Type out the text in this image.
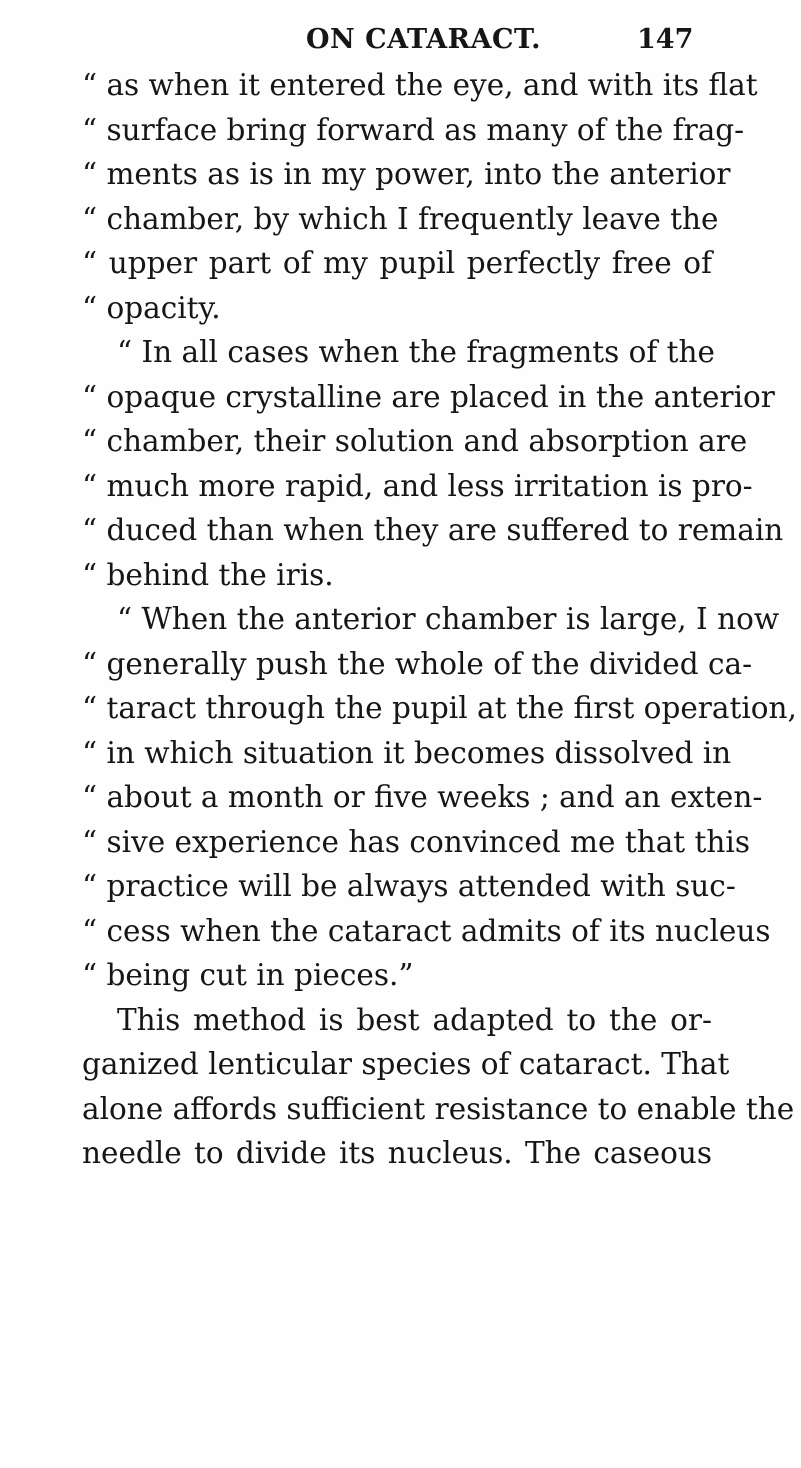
ON CATARACT.	147
“ as when it entered the eye, and with its flat
“ surface bring forward as many of the frag-
“ ments as is in my power, into the anterior
“ chamber, by which I frequently leave the
“ upper part of my pupil perfectly free of
“ opacity.
“ In all cases when the fragments of the
“ opaque crystalline are placed in the anterior
“ chamber, their solution and absorption are
“ much more rapid, and less irritation is pro-
“ duced than when they are suffered to remain
“ behind the iris.
“ When the anterior chamber is large, I now
“ generally push the whole of the divided ca-
“ taract through the pupil at the first operation,
“ in which situation it becomes dissolved in
“ about a month or five weeks ; and an exten-
“ sive experience has convinced me that this
“ practice will be always attended with suc-
“ cess when the cataract admits of its nucleus
“ being cut in pieces.”
This method is best adapted to the or-
ganized lenticular species of cataract. That
alone affords sufficient resistance to enable the
needle to divide its nucleus. The caseous
